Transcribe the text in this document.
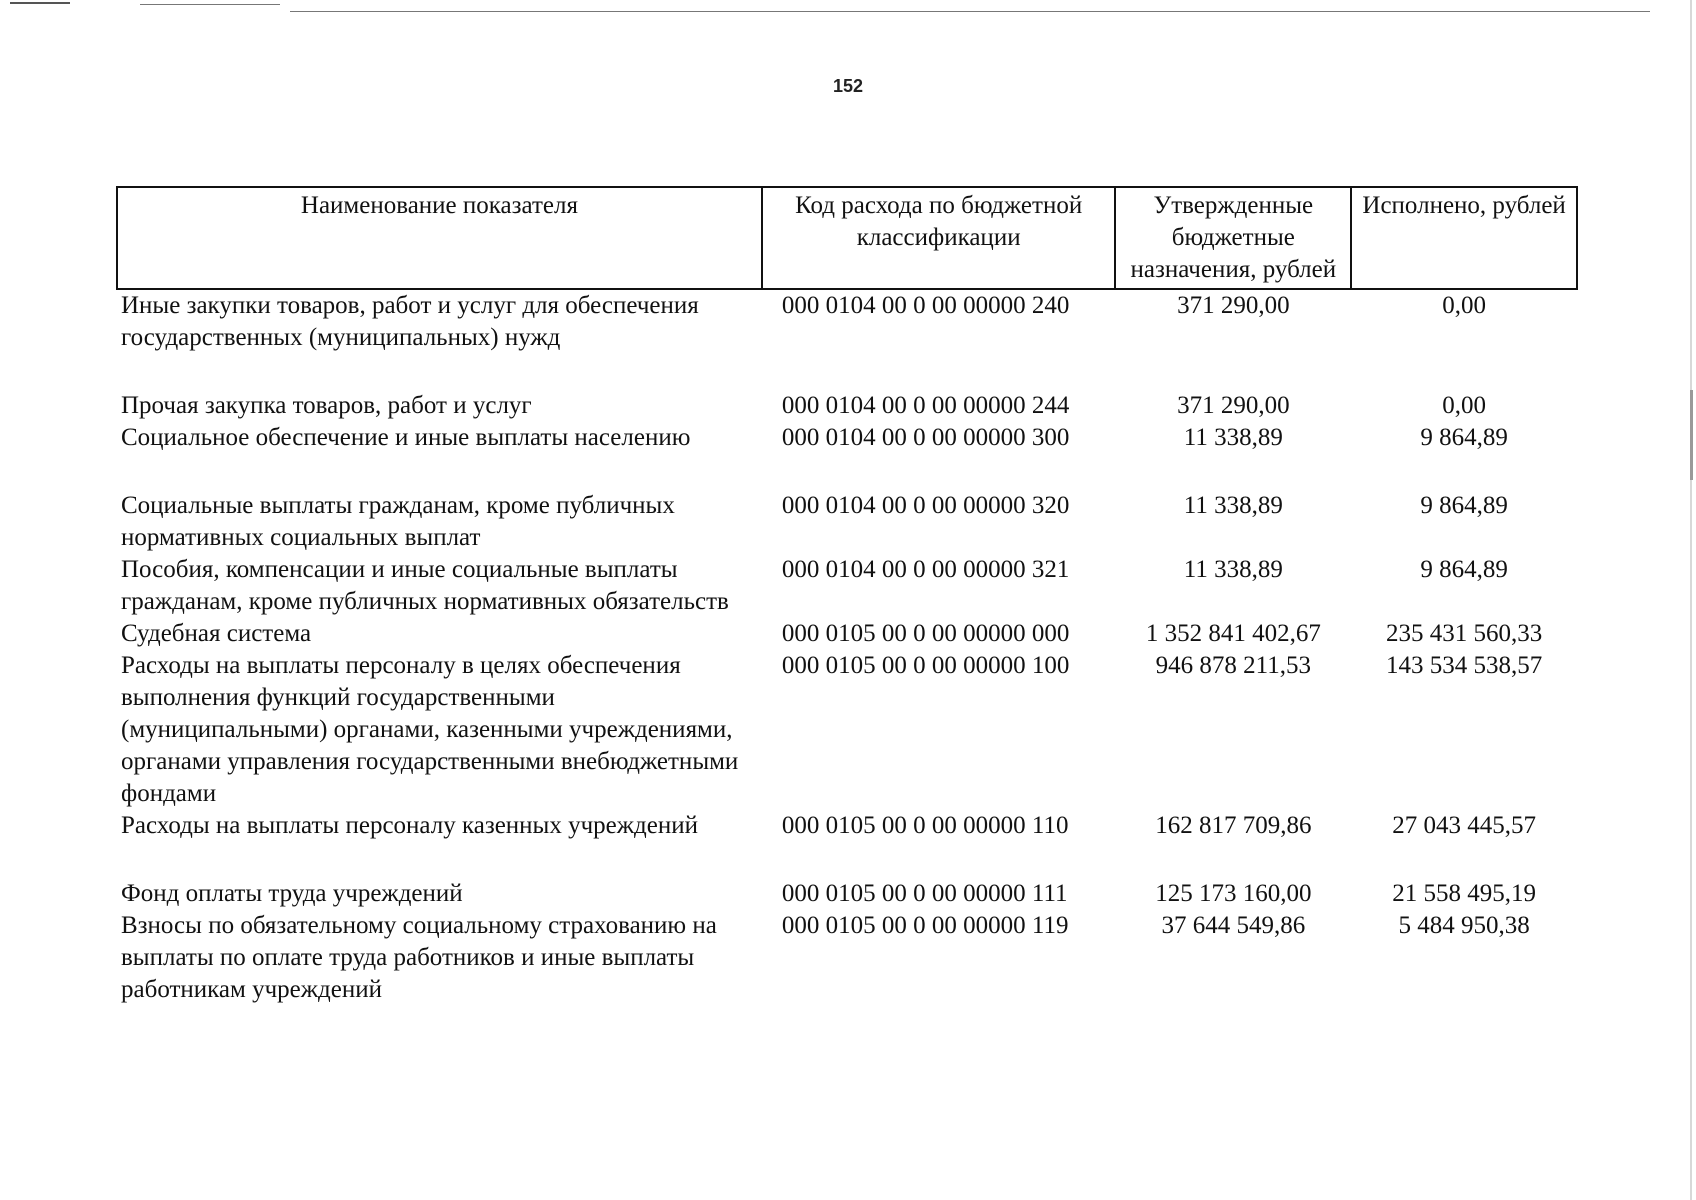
152
Наименование показателя	Код расхода по бюджетной классификации	Утвержденные бюджетные назначения, рублей	Исполнено, рублей
Иные закупки товаров, работ и услуг для обеспечения государственных (муниципальных) нужд	000 0104 00 0 00 00000 240	371 290,00	0,00
Прочая закупка товаров, работ и услуг	000 0104 00 0 00 00000 244	371 290,00	0,00
Социальное обеспечение и иные выплаты населению	000 0104 00 0 00 00000 300	11 338,89	9 864,89
Социальные выплаты гражданам, кроме публичных нормативных социальных выплат	000 0104 00 0 00 00000 320	11 338,89	9 864,89
Пособия, компенсации и иные социальные выплаты гражданам, кроме публичных нормативных обязательств	000 0104 00 0 00 00000 321	11 338,89	9 864,89
Судебная система	000 0105 00 0 00 00000 000	1 352 841 402,67	235 431 560,33
Расходы на выплаты персоналу в целях обеспечения выполнения функций государственными (муниципальными) органами, казенными учреждениями, органами управления государственными внебюджетными фондами	000 0105 00 0 00 00000 100	946 878 211,53	143 534 538,57
Расходы на выплаты персоналу казенных учреждений	000 0105 00 0 00 00000 110	162 817 709,86	27 043 445,57
Фонд оплаты труда учреждений	000 0105 00 0 00 00000 111	125 173 160,00	21 558 495,19
Взносы по обязательному социальному страхованию на выплаты по оплате труда работников и иные выплаты работникам учреждений	000 0105 00 0 00 00000 119	37 644 549,86	5 484 950,38
